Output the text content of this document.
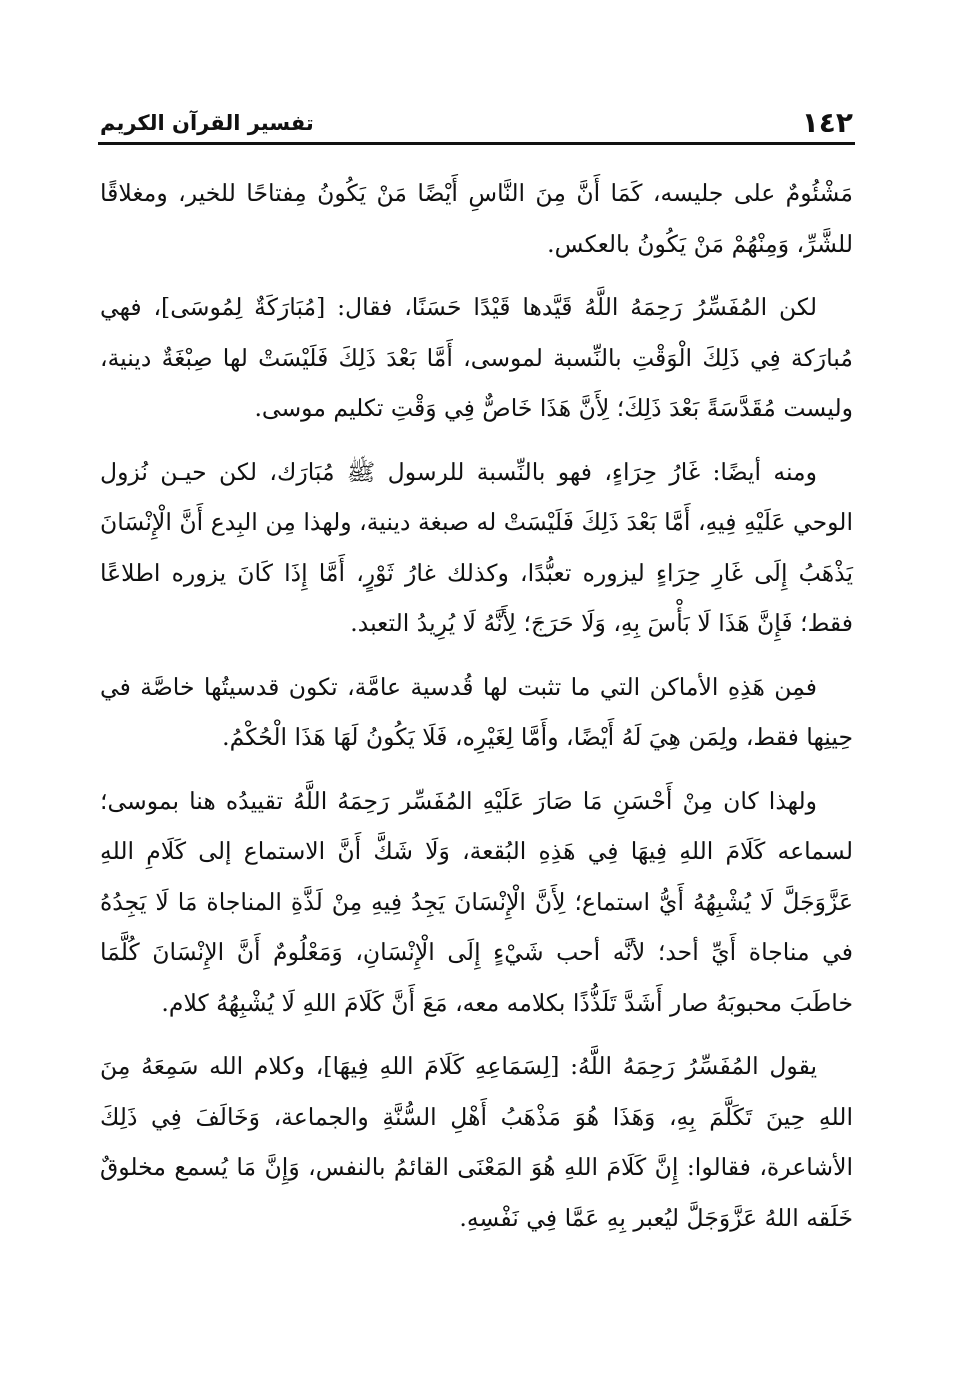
١٤٢
تفسير القرآن الكريم

مَشْئُومٌ على جليسه، كَمَا أَنَّ مِنَ النَّاسِ أَيْضًا مَنْ يَكُونُ مِفتاحًا للخير، ومغلاقًا للشَّرِّ، وَمِنْهُمْ مَنْ يَكُونُ بالعكس.

لكن المُفَسِّرُ رَحِمَهُ اللَّهُ قَيَّدها قَيْدًا حَسَنًا، فقال: [مُبَارَكَةٌ لِمُوسَى]، فهي مُبارَكة فِي ذَلِكَ الْوَقْتِ بالنِّسبة لموسى، أَمَّا بَعْدَ ذَلِكَ فَلَيْسَتْ لها صِبْغَةٌ دينية، وليست مُقَدَّسَةً بَعْدَ ذَلِكَ؛ لِأَنَّ هَذَا خَاصٌّ فِي وَقْتِ تكليم موسى.

ومنه أيضًا: غَارُ حِرَاءٍ، فهو بالنِّسبة للرسول ﷺ مُبَارَك، لكن حيـن نُزول الوحي عَلَيْهِ فِيهِ، أَمَّا بَعْدَ ذَلِكَ فَلَيْسَتْ له صبغة دينية، ولهذا مِن البِدع أَنَّ الْإِنْسَانَ يَذْهَبُ إِلَى غَارِ حِرَاءٍ ليزوره تعبُّدًا، وكذلك غارُ ثَوْرٍ، أَمَّا إِذَا كَانَ يزوره اطلاعًا فقط؛ فَإِنَّ هَذَا لَا بَأْسَ بِهِ، وَلَا حَرَجَ؛ لِأَنَّهُ لَا يُرِيدُ التعبد.

فمِن هَذِهِ الأماكن التي ما تثبت لها قُدسية عامَّة، تكون قدسيتُها خاصَّة في حِينِها فقط، ولِمَن هِيَ لَهُ أَيْضًا، وأَمَّا لِغَيْرِه، فَلَا يَكُونُ لَهَا هَذَا الْحُكْمُ.

ولهذا كان مِنْ أَحْسَنِ مَا صَارَ عَلَيْهِ المُفَسِّر رَحِمَهُ اللَّهُ تقييدُه هنا بموسى؛ لسماعه كَلَامَ اللهِ فِيهَا فِي هَذِهِ البُقعة، وَلَا شَكَّ أَنَّ الاستماع إلى كَلَامِ اللهِ عَزَّوَجَلَّ لَا يُشْبِهُهُ أَيُّ استماع؛ لِأَنَّ الْإِنْسَانَ يَجِدُ فِيهِ مِنْ لَذَّةِ المناجاة مَا لَا يَجِدُهُ في مناجاة أَيِّ أحد؛ لأنَّه أحب شَيْءٍ إِلَى الْإِنْسَانِ، وَمَعْلُومٌ أَنَّ الإِنْسَانَ كُلَّمَا خاطَبَ محبوبَهُ صار أَشَدَّ تَلَذُّذًا بكلامه معه، مَعَ أَنَّ كَلَامَ اللهِ لَا يُشْبِهُهُ كلام.

يقول المُفَسِّرُ رَحِمَهُ اللَّهُ: [لِسَمَاعِهِ كَلَامَ اللهِ فِيهَا]، وكلام الله سَمِعَهُ مِنَ اللهِ حِينَ تَكَلَّمَ بِهِ، وَهَذَا هُوَ مَذْهَبُ أَهْلِ السُّنَّةِ والجماعة، وَخَالَفَ فِي ذَلِكَ الأشاعرة، فقالوا: إِنَّ كَلَامَ اللهِ هُوَ المَعْنَى القائمُ بالنفس، وَإِنَّ مَا يُسمع مخلوقٌ خَلَقه اللهُ عَزَّوَجَلَّ ليُعبر بِهِ عَمَّا فِي نَفْسِهِ.
